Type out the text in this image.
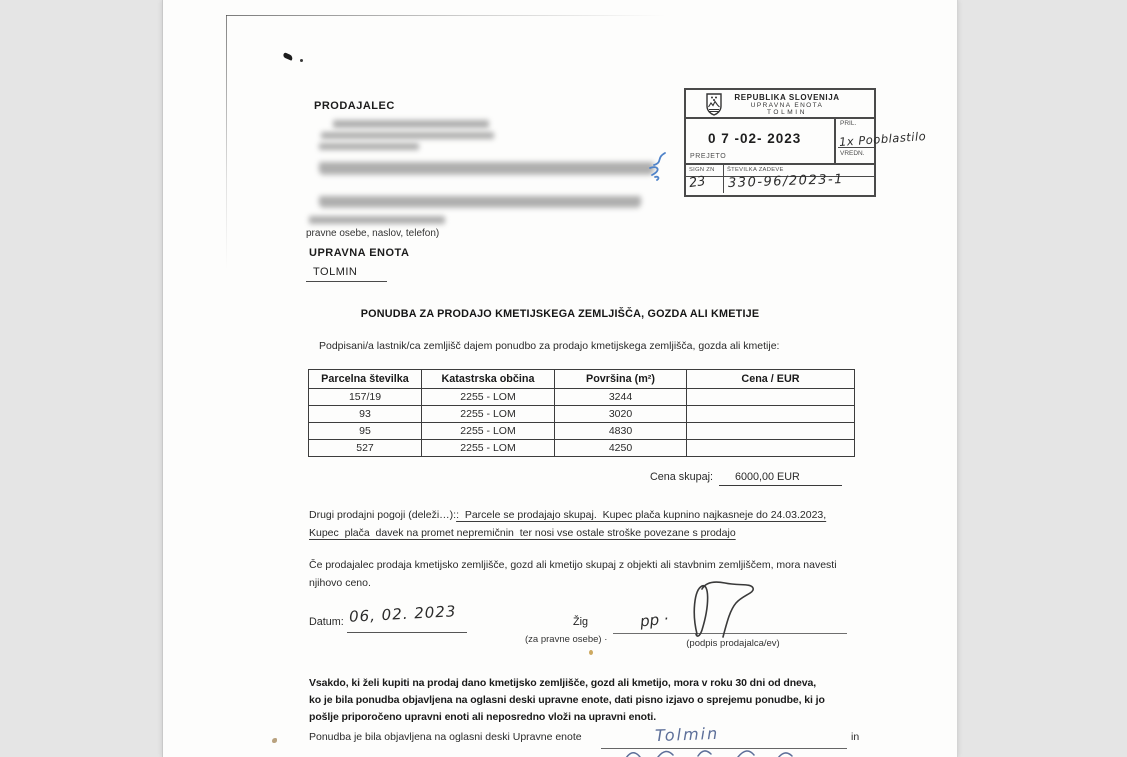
PRODAJALEC
pravne osebe, naslov, telefon)
REPUBLIKA SLOVENIJA
UPRAVNA ENOTA
TOLMIN
PREJETO
0 7 -02- 2023
PRIL.
VREDN.
SIGN ZN ŠTEVILKA ZADEVE
23 330-96/2023-1
1x Pooblastilo
UPRAVNA ENOTA
TOLMIN
PONUDBA ZA PRODAJO KMETIJSKEGA ZEMLJIŠČA, GOZDA ALI KMETIJE
Podpisani/a lastnik/ca zemljišč dajem ponudbo za prodajo kmetijskega zemljišča, gozda ali kmetije:
Parcelna številka	Katastrska občina	Površina (m²)	Cena / EUR
157/19	2255 - LOM	3244	
93	2255 - LOM	3020	
95	2255 - LOM	4830	
527	2255 - LOM	4250	
Cena skupaj: 6000,00 EUR
Drugi prodajni pogoji (deleži…)::  Parcele se prodajajo skupaj.  Kupec plača kupnino najkasneje do 24.03.2023,
Kupec  plača  davek na promet nepremičnin  ter nosi vse ostale stroške povezane s prodajo
Če prodajalec prodaja kmetijsko zemljišče, gozd ali kmetijo skupaj z objekti ali stavbnim zemljiščem, mora navesti
njihovo ceno.
Datum: 06, 02. 2023	Žig
(za pravne osebe) ·
pp ·
(podpis prodajalca/ev)
Vsakdo, ki želi kupiti na prodaj dano kmetijsko zemljišče, gozd ali kmetijo, mora v roku 30 dni od dneva,
ko je bila ponudba objavljena na oglasni deski upravne enote, dati pisno izjavo o sprejemu ponudbe, ki jo
pošlje priporočeno upravni enoti ali neposredno vloži na upravni enoti.
Ponudba je bila objavljena na oglasni deski Upravne enote	Tolmin	in
